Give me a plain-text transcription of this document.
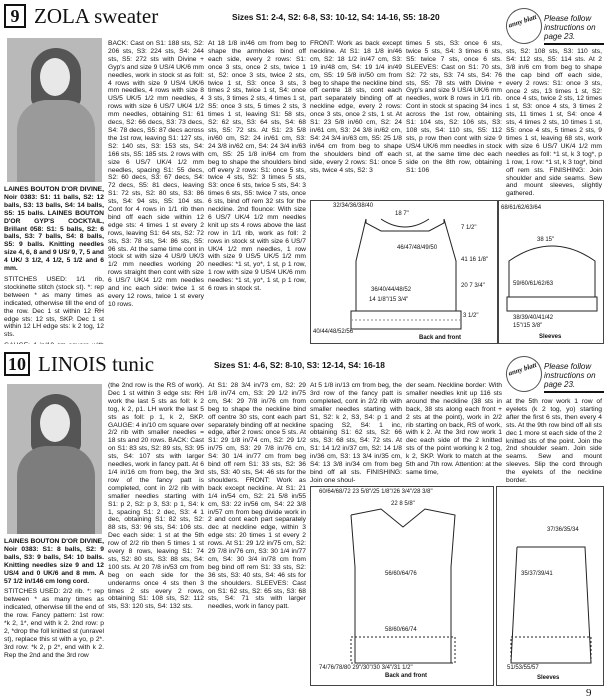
9 ZOLA sweater	Sizes S1: 2-4, S2: 6-8, S3: 10-12, S4: 14-16, S5: 18-20	anny blatt Please follow instructions on page 23.

LAINES BOUTON D'OR DIVINE, Noir 0383: S1: 11 balls, S2: 12 balls, S3: 13 balls, S4: 14 balls, S5: 15 balls. LAINES BOUTON D'OR GYP'S COCKTAIL, Brillant 058: S1: 5 balls, S2: 6 balls, S3: 7 balls, S4: 8 balls, S5: 9 balls. Knitting needles size 4, 6, 8 and 9 US/ 9, 7, 5 and 4 UK/ 3 1/2, 4 1/2, 5 1/2 and 6 mm.

STITCHES USED: 1/1 rib, stockinette stitch (stock st). *: rep between * as many times as indicated, otherwise till the end of the row. Dec 1 st within 12 RH edge sts: 12 sts, SKP. Dec 1 st within 12 LH edge sts: k 2 tog, 12 sts.

BACK: Cast on S1: 188 sts, S2: 206 sts, S3: 224 sts, S4: 244 sts, S5: 272 sts with Divine + Gyp's and size 9 US/4 UK/6 mm needles, work in stock st as foll: 4 rows with size 9 US/4 UK/6 mm needles, 4 rows with size 8 US/5 UK/5 1/2 mm needles, 4 rows with size 6 US/7 UK/4 1/2 mm needles, obtaining S1: 61 decs, S2: 66 decs, S3: 73 decs, S4: 78 decs, S5: 87 decs across the 1st row, leaving S1: 127 sts, S2: 140 sts, S3: 153 sts, S4: 166 sts, S5: 185 sts. 2 rows with size 6 US/7 UK/4 1/2 mm needles, spacing S1: 55 decs, S2: 60 decs, S3: 67 decs, S4: 72 decs, S5: 81 decs, leaving S1: 72 sts, S2: 80 sts, S3: 86 sts, S4: 94 sts, S5: 104 sts. Cont for 4 rows in 1/1 rib then bind off each side within 12 edge sts: 4 times 1 st every 2 rows, leaving S1: 64 sts, S2: 72 sts, S3: 78 sts, S4: 86 sts, S5: 96 sts. At the same time cont in stock st with size 4 US/9 UK/3 1/2 mm needles working 20 rows straight then cont with size 6 US/7 UK/4 1/2 mm needles and inc each side: twice 1 st every 12 rows, twice 1 st every 10 rows.

At 18 1/8 in/46 cm from beg to shape the armholes bind off each side, every 2 rows: S1: once 3 sts, once 2 sts, twice 1 st, S2: once 3 sts, twice 2 sts, twice 1 st, S3: once 3 sts, 3 times 2 sts, twice 1 st, S4: once 3 sts, 3 times 2 sts, 4 times 1 st, S5: once 3 sts, 5 times 2 sts, 3 times 1 st, leaving S1: 58 sts, S2: 62 sts, S3: 64 sts, S4: 68 sts, S5: 72 sts. At S1: 23 5/8 in/60 cm, S2: 24 in/61 cm, S3: 24 3/8 in/62 cm, S4: 24 3/4 in/63 cm, S5: 25 1/8 in/64 cm from beg to shape the shoulders bind off every 2 rows: S1: once 5 sts, twice 4 sts, S2: 3 times 5 sts, S3: once 6 sts, twice 5 sts, S4: 3 times 6 sts, S5: twice 7 sts, once 6 sts, bind off rem 32 sts for the neckline. 2nd flounce: With size 6 US/7 UK/4 1/2 mm needles knit up sts 4 rows above the last row in 1/1 rib, work as foll: 2 rows in stock st with size 6 US/7 UK/4 1/2 mm needles, 1 row with size 9 US/5 UK/5 1/2 mm needles: *1 st, yo*, 1 st, p 1 row, 1 row with size 9 US/4 UK/6 mm needles: *1 st, yo*, 1 st, p 1 row, 6 rows in stock st.

FRONT: Work as back except neckline. At S1: 18 1/8 in/46 cm, S2: 18 1/2 in/47 cm, S3: 19 in/48 cm, S4: 19 1/4 in/49 cm, S5: 19 5/8 in/50 cm from beg to shape the neckline bind off centre 18 sts, cont each part separately binding off at neckline edge, every 2 rows: once 3 sts, once 2 sts, 1 st. At S1: 23 5/8 in/60 cm, S2: 24 in/61 cm, S3: 24 3/8 in/62 cm, S4: 24 3/4 in/63 cm, S5: 25 1/8 in/64 cm from beg to shape the shoulders bind off each side, every 2 rows: S1: once 5 sts, twice 4 sts, S2: 3

times 5 sts, S3: once 6 sts, twice 5 sts, S4: 3 times 6 sts, S5: twice 7 sts, once 6 sts. SLEEVES: Cast on S1: 70 sts, S2: 72 sts, S3: 74 sts, S4: 76 sts, S5: 78 sts with Divine + Gyp's and size 9 US/4 UK/6 mm needles, work 8 rows in 1/1 rib. Cont in stock st spacing 34 incs across the 1st row, obtaining S1: 104 sts, S2: 106 sts, S3: 108 sts, S4: 110 sts, S5: 112 sts, p row then cont with size 9 US/4 UK/6 mm needles in stock st, at the same time dec each side on the 8th row, obtaining S1: 106

sts, S2: 108 sts, S3: 110 sts, S4: 112 sts, S5: 114 sts. At 2 3/8 in/6 cm from beg to shape the cap bind off each side, every 2 rows: S1: once 3 sts, once 2 sts, 13 times 1 st, S2: once 4 sts, twice 2 sts, 12 times 1 st, S3: once 4 sts, 3 times 2 sts, 11 times 1 st, S4: once 4 sts, 4 times 2 sts, 10 times 1 st, S5: once 4 sts, 5 times 2 sts, 9 times 1 st, leaving 68 sts, work with size 6 US/7 UK/4 1/2 mm needles as foll: *1 st, k 3 tog*, p 1 row, 1 row: *1 st, k 3 tog*, bind off rem sts. FINISHING: Join shoulder and side seams. Sew and mount sleeves, slightly gathered.

32/34/36/38/40
18 7"
7 1/2"
46/47/48/49/50
41 16 1/8"
20 7 3/4"
36/40/44/48/52
14 1/8"/15 3/4"
3 1/2"
40/44/48/52/56
Back and front
68/61/62/63/64
38 15"
59/60/61/62/63
38/39/40/41/42
15"/15 3/8"
Sleeves
10 LINOIS tunic	Sizes S1: 4-6, S2: 8-10, S3: 12-14, S4: 16-18	anny blatt Please follow instructions on page 23.

LAINES BOUTON D'OR DIVINE, Noir 0383: S1: 8 balls, S2: 9 balls, S3: 9 balls, S4: 10 balls. Knitting needles size 9 and 12 US/4 and 0 UK/6 and 8 mm. A 57 1/2 in/146 cm long cord.

STITCHES USED: 2/2 rib. *: rep between * as many times as indicated, otherwise till the end of the row. Fancy pattern: 1st row: *k 2, 1*, end with k 2. 2nd row: p 2, *drop the foll knitted st (unravel st), replace this st with a yo, p 2*. 3rd row: *k 2, p 2*, end with k 2. Rep the 2nd and the 3rd row

(the 2nd row is the RS of work). Dec 1 st within 3 edge sts: RH work the last 5 sts as foll: k 2 tog, k 2, p1. LH work the last 5 sts as foll: p 1, k 2, SKP. GAUGE: 4 in/10 cm square over 2/2 rib with smaller needles = 18 sts and 20 rows. BACK: Cast on S1: 83 sts, S2: 89 sts, S3: 95 sts, S4: 107 sts with larger needles, work in fancy patt. At 6 1/4 in/16 cm from beg, the 3rd row of the fancy patt is completed, cont in 2/2 rib with smaller needles starting with S1: p 2, S2: p 3, S3: p 1, S4: k 1, spacing S1: 2 dec, S3: 4 1 dec, obtaining S1: 82 sts, S2: 88 sts, S3: 96 sts, S4: 106 sts. Dec each side: 1 st at the 5th row of 2/2 rib then 5 times 1 st every 8 rows, leaving S1: 74 sts, S2: 80 sts, S3: 88 sts, S4: 100 sts. At 20 7/8 in/53 cm from beg on each side for the underarms once 4 sts then 3 times 2 sts every 2 rows, obtaining S1: 108 sts, S2: 112 sts, S3: 120 sts, S4: 132 sts.

At S1: 28 3/4 in/73 cm, S2: 29 1/8 in/74 cm, S3: 29 1/2 in/75 cm, S4: 29 7/8 in/76 cm from beg to shape the neckline bind off centre 30 sts, cont each part separately binding off at neckline edge, after 2 rows: once 5 sts. At S1: 29 1/8 in/74 cm, S2: 29 1/2 in/75 cm, S3: 29 7/8 in/76 cm, S4: 30 1/4 in/77 cm from beg bind off rem S1: 33 sts, S2: 36 sts, S3: 40 sts, S4: 46 sts for the shoulders. FRONT: Work as back except neckline. At S1: 21 1/4 in/54 cm, S2: 21 5/8 in/55 cm, S3: 22 in/56 cm, S4: 22 3/8 in/57 cm from beg divide work in 2 and cont each part separately dec at neckline edge, within 3 edge sts: 20 times 1 st every 2 rows. At S1: 29 1/2 in/75 cm, S2: 29 7/8 in/76 cm, S3: 30 1/4 in/77 cm, S4: 30 3/4 in/78 cm from beg bind off rem S1: 33 sts, S2: 36 sts, S3: 40 sts, S4: 46 sts for the shoulders. SLEEVES: Cast on S1: 62 sts, S2: 65 sts, S3: 68 sts, S4: 71 sts with larger needles, work in fancy patt.

At 5 1/8 in/13 cm from beg, the 3rd row of the fancy patt is completed, cont in 2/2 rib with smaller needles starting with S1, S2: k 2, S3, S4: p 1 and spacing S2, S4: 1 inc, obtaining S1: 62 sts, S2: 66 sts, S3: 68 sts, S4: 72 sts. At S1: 14 1/2 in/37 cm, S2: 14 1/8 in/36 cm, S3: 13 3/4 in/35 cm, S4: 13 3/8 in/34 cm from beg bind off all sts. FINISHING: Join one shoul-

der seam. Neckline border: With smaller needles knit up 116 sts around the neckline (38 sts in back, 38 sts along each front + 2 sts at the point), work in 2/2 rib starting on back, RS of work, with k 2. At the 3rd row work 1 dec each side of the 2 knitted sts of the point working k 2 tog, k 2, SKP. Work to match at the 5th and 7th row. Attention: at the same time,

at the 5th row work 1 row of eyelets (k 2 tog, yo) starting after the first 6 sts, then every 4 sts. At the 9th row bind off all sts dec 1 more st each side of the 2 knitted sts of the point. Join the 2nd shoulder seam. Join side seams. Sew and mount sleeves. Slip the cord through the eyelets of the neckline border.

60/64/68/72 23 5/8"/25 1/8"/26 3/4"/28 3/8"
22 8 5/8"
56/60/64/76
58/60/66/74
Back and front
74/76/78/80 29"/30"/30 3/4"/31 1/2"
37/36/35/34
35/37/39/41
51/53/55/57
Sleeves
9
